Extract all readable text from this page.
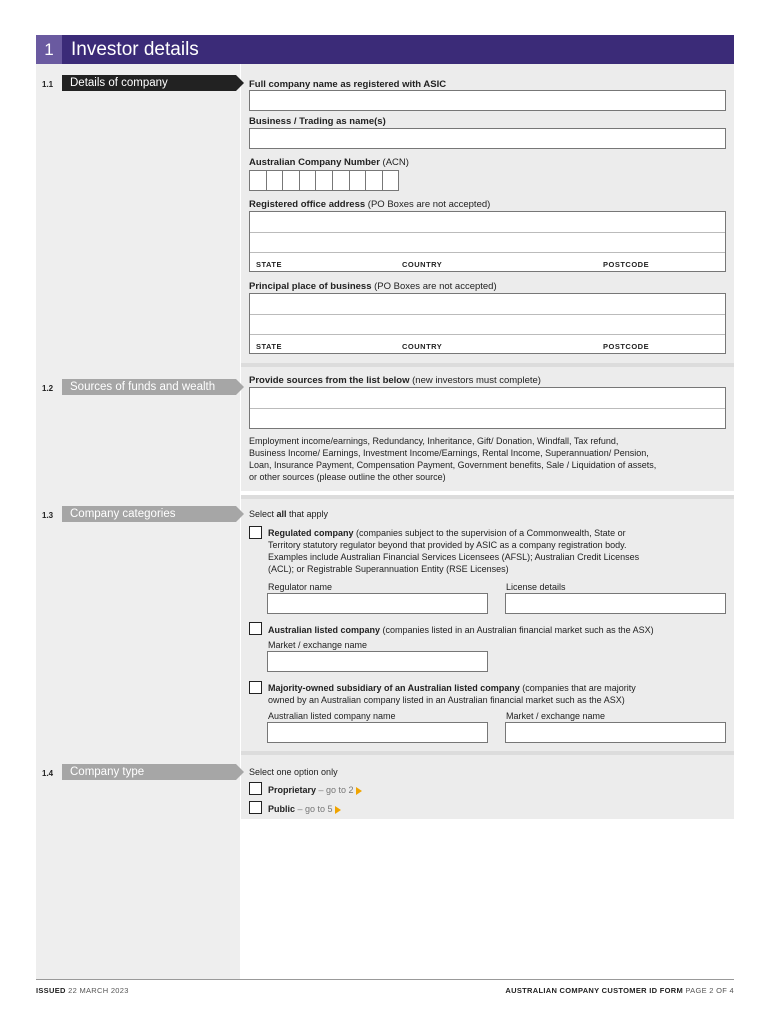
1 Investor details
1.1	Details of company	Full company name as registered with ASIC
Business / Trading as name(s)
Australian Company Number (ACN)
Registered office address (PO Boxes are not accepted)
STATE	COUNTRY	POSTCODE
Principal place of business (PO Boxes are not accepted)
STATE	COUNTRY	POSTCODE
1.2	Sources of funds and wealth
Provide sources from the list below (new investors must complete)
Employment income/earnings, Redundancy, Inheritance, Gift/ Donation, Windfall, Tax refund,
Business Income/ Earnings, Investment Income/Earnings, Rental Income, Superannuation/ Pension,
Loan, Insurance Payment, Compensation Payment, Government benefits, Sale / Liquidation of assets,
or other sources (please outline the other source)
1.3	Company categories	Select all that apply
Regulated company (companies subject to the supervision of a Commonwealth, State or
Territory statutory regulator beyond that provided by ASIC as a company registration body.
Examples include Australian Financial Services Licensees (AFSL); Australian Credit Licenses
(ACL); or Registrable Superannuation Entity (RSE Licenses)
Regulator name	License details
Australian listed company (companies listed in an Australian financial market such as the ASX)
Market / exchange name
Majority-owned subsidiary of an Australian listed company (companies that are majority
owned by an Australian company listed in an Australian financial market such as the ASX)
Australian listed company name	Market / exchange name
1.4	Company type	Select one option only
Proprietary – go to 2
Public – go to 5
ISSUED 22 MARCH 2023	AUSTRALIAN COMPANY CUSTOMER ID FORM PAGE 2 OF 4
